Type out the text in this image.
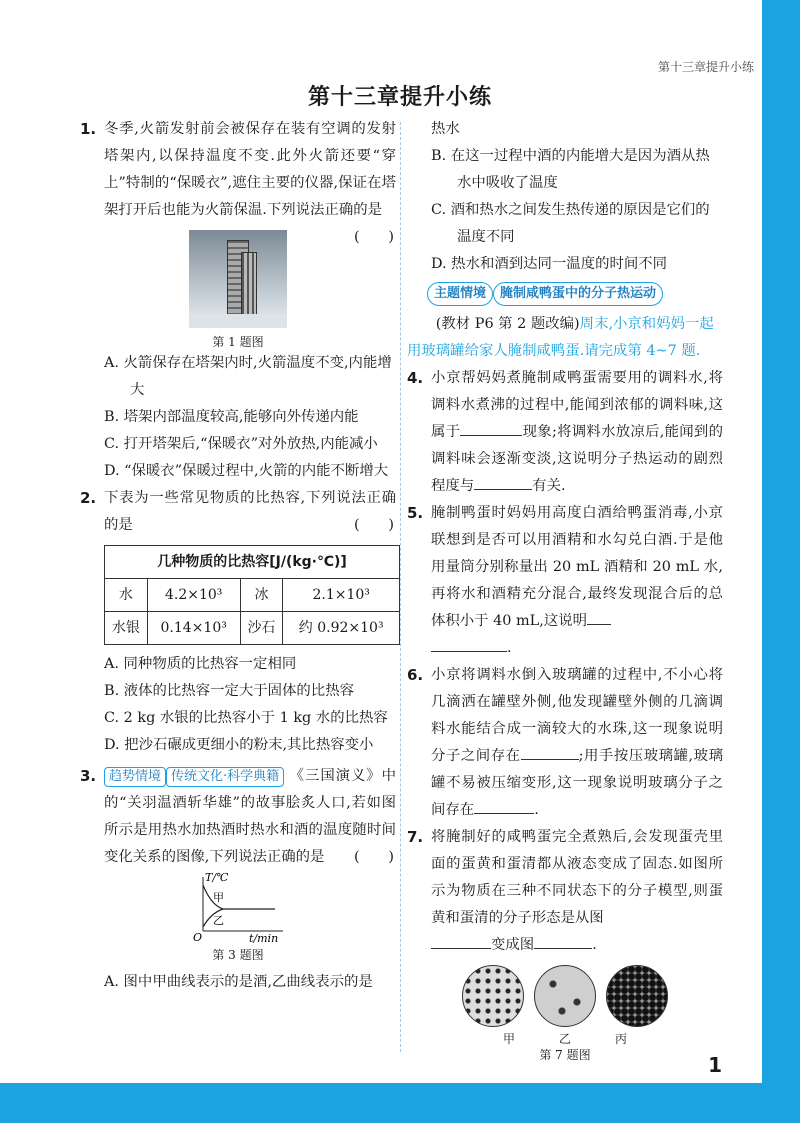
第十三章提升小练
第十三章提升小练
1. 冬季,火箭发射前会被保存在装有空调的发射塔架内,以保持温度不变.此外火箭还要“穿上”特制的“保暖衣”,遮住主要的仪器,保证在塔架打开后也能为火箭保温.下列说法正确的是
(　　)
第 1 题图
A. 火箭保存在塔架内时,火箭温度不变,内能增大
B. 塔架内部温度较高,能够向外传递内能
C. 打开塔架后,“保暖衣”对外放热,内能减小
D. “保暖衣”保暖过程中,火箭的内能不断增大
2. 下表为一些常见物质的比热容,下列说法正确的是	(　　)
几种物质的比热容[J/(kg·℃)]			
水	4.2×10³	冰	2.1×10³
水银	0.14×10³	沙石	约 0.92×10³
A. 同种物质的比热容一定相同
B. 液体的比热容一定大于固体的比热容
C. 2 kg 水银的比热容小于 1 kg 水的比热容
D. 把沙石碾成更细小的粉末,其比热容变小
3. 趋势情境 传统文化·科学典籍 《三国演义》中的“关羽温酒斩华雄”的故事脍炙人口,若如图所示是用热水加热酒时热水和酒的温度随时间变化关系的图像,下列说法正确的是 (　　)
T/℃
甲
乙
O	t/min
第 3 题图
A. 图中甲曲线表示的是酒,乙曲线表示的是
热水
B. 在这一过程中酒的内能增大是因为酒从热水中吸收了温度
C. 酒和热水之间发生热传递的原因是它们的温度不同
D. 热水和酒到达同一温度的时间不同
主题情境 腌制咸鸭蛋中的分子热运动
(教材 P6 第 2 题改编)周末,小京和妈妈一起用玻璃罐给家人腌制咸鸭蛋.请完成第 4~7 题.
4. 小京帮妈妈煮腌制咸鸭蛋需要用的调料水,将调料水煮沸的过程中,能闻到浓郁的调料味,这属于	现象;将调料水放凉后,能闻到的调料味会逐渐变淡,这说明分子热运动的剧烈程度与	有关.
5. 腌制鸭蛋时妈妈用高度白酒给鸭蛋消毒,小京联想到是否可以用酒精和水勾兑白酒.于是他用量筒分别称量出 20 mL 酒精和 20 mL 水,再将水和酒精充分混合,最终发现混合后的总体积小于 40 mL,这说明
.
6. 小京将调料水倒入玻璃罐的过程中,不小心将几滴洒在罐壁外侧,他发现罐壁外侧的几滴调料水能结合成一滴较大的水珠,这一现象说明分子之间存在	;用手按压玻璃罐,玻璃罐不易被压缩变形,这一现象说明玻璃分子之间存在	.
7. 将腌制好的咸鸭蛋完全煮熟后,会发现蛋壳里面的蛋黄和蛋清都从液态变成了固态.如图所示为物质在三种不同状态下的分子模型,则蛋黄和蛋清的分子形态是从图
变成图	.
甲	乙	丙
第 7 题图	1
